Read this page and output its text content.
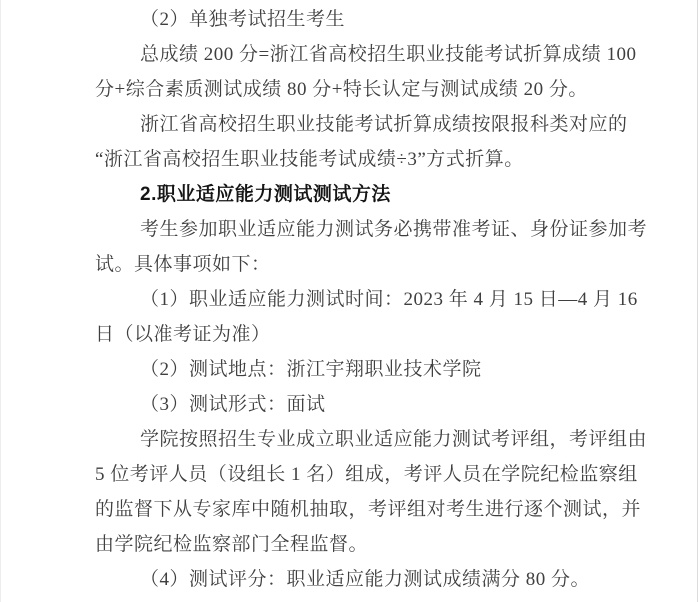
（2）单独考试招生考生
总成绩 200 分=浙江省高校招生职业技能考试折算成绩 100
分+综合素质测试成绩 80 分+特长认定与测试成绩 20 分。
浙江省高校招生职业技能考试折算成绩按限报科类对应的
“浙江省高校招生职业技能考试成绩÷3”方式折算。
2.职业适应能力测试测试方法
考生参加职业适应能力测试务必携带准考证、身份证参加考
试。具体事项如下：
（1）职业适应能力测试时间：2023 年 4 月 15 日—4 月 16
日（以准考证为准）
（2）测试地点：浙江宇翔职业技术学院
（3）测试形式：面试
学院按照招生专业成立职业适应能力测试考评组，考评组由
5 位考评人员（设组长 1 名）组成，考评人员在学院纪检监察组
的监督下从专家库中随机抽取，考评组对考生进行逐个测试，并
由学院纪检监察部门全程监督。
（4）测试评分：职业适应能力测试成绩满分 80 分。
